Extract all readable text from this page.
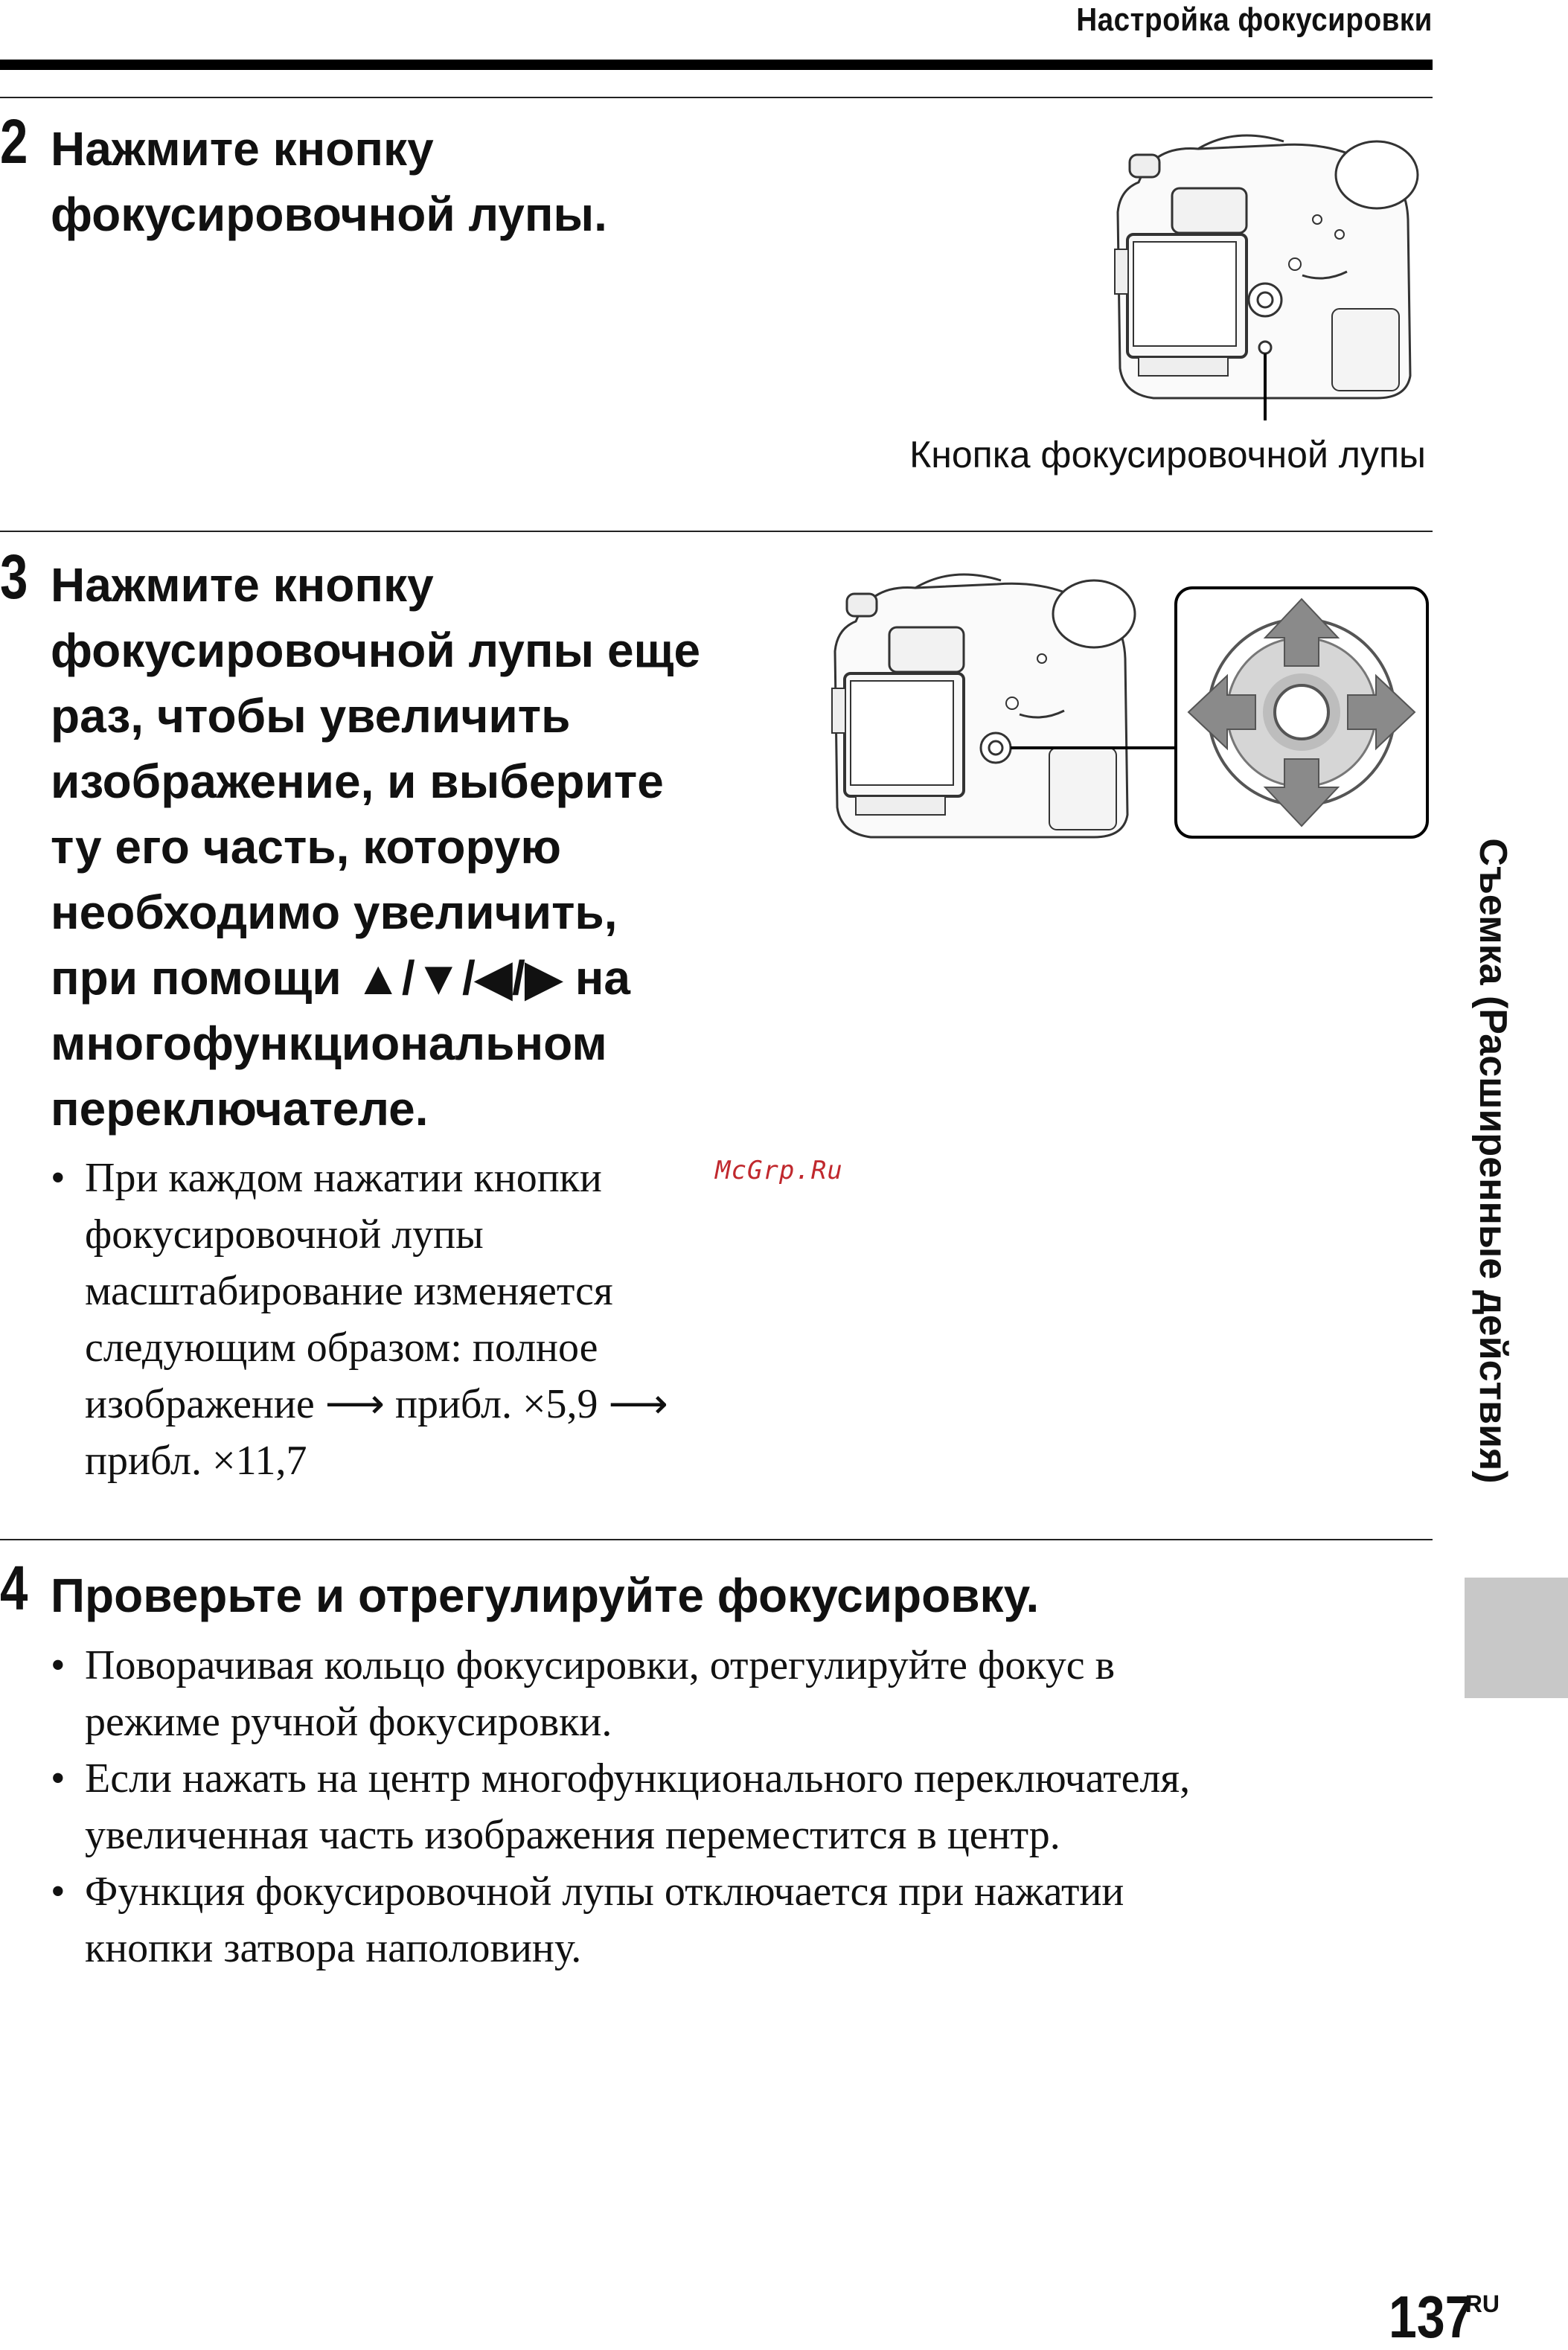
Настройка фокусировки
2 Нажмите кнопку
фокусировочной лупы.
Кнопка фокусировочной лупы
3 Нажмите кнопку
фокусировочной лупы еще
раз, чтобы увеличить
изображение, и выберите
ту его часть, которую
необходимо увеличить,
при помощи ▲/▼/◀/▶ на
многофункциональном
переключателе.
• При каждом нажатии кнопки
фокусировочной лупы
масштабирование изменяется
следующим образом: полное
изображение ⟶ прибл. ×5,9 ⟶
прибл. ×11,7
McGrp.Ru
4 Проверьте и отрегулируйте фокусировку.
• Поворачивая кольцо фокусировки, отрегулируйте фокус в
режиме ручной фокусировки.
• Если нажать на центр многофункционального переключателя,
увеличенная часть изображения переместится в центр.
• Функция фокусировочной лупы отключается при нажатии
кнопки затвора наполовину.
Съемка (Расширенные действия)
137
RU
